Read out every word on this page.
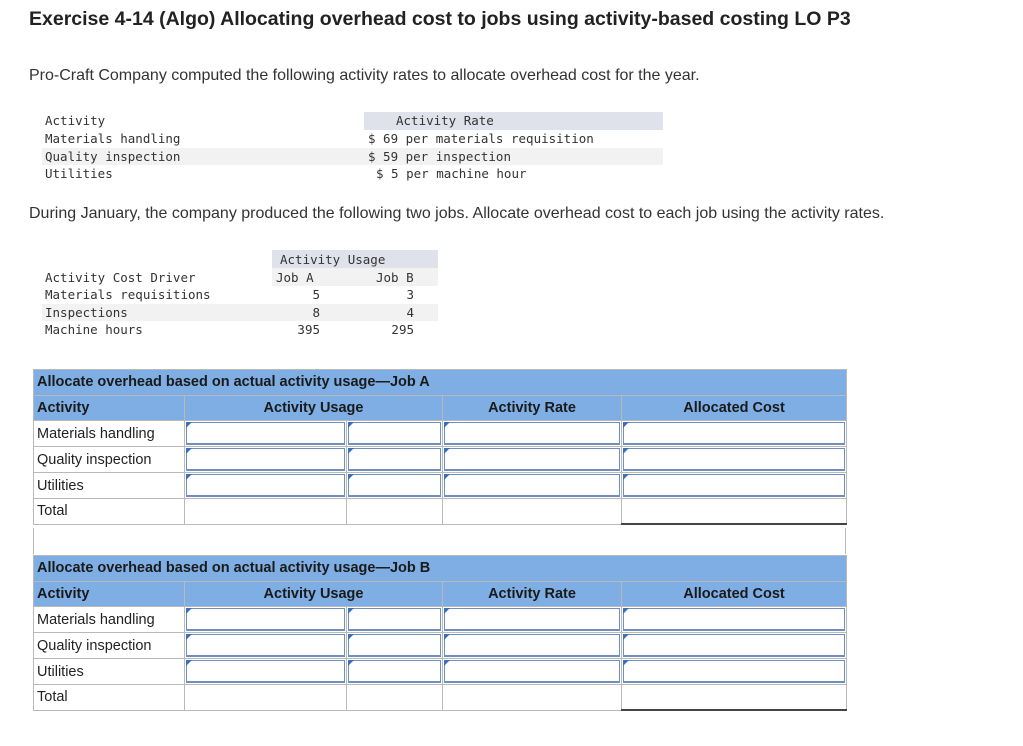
Exercise 4-14 (Algo) Allocating overhead cost to jobs using activity-based costing LO P3
Pro-Craft Company computed the following activity rates to allocate overhead cost for the year.
Activity	Activity Rate
Materials handling	$ 69 per materials requisition
Quality inspection	$ 59 per inspection
Utilities	$ 5 per machine hour
During January, the company produced the following two jobs. Allocate overhead cost to each job using the activity rates.
Activity Usage
Activity Cost Driver	Job A	Job B
Materials requisitions	5	3
Inspections	8	4
Machine hours	395	295
Allocate overhead based on actual activity usage—Job A				
Activity	Activity Usage		Activity Rate	Allocated Cost
Materials handling	

Quality inspection	

Utilities	

Total				
Allocate overhead based on actual activity usage—Job B				
Activity	Activity Usage		Activity Rate	Allocated Cost
Materials handling	

Quality inspection	

Utilities	

Total				
